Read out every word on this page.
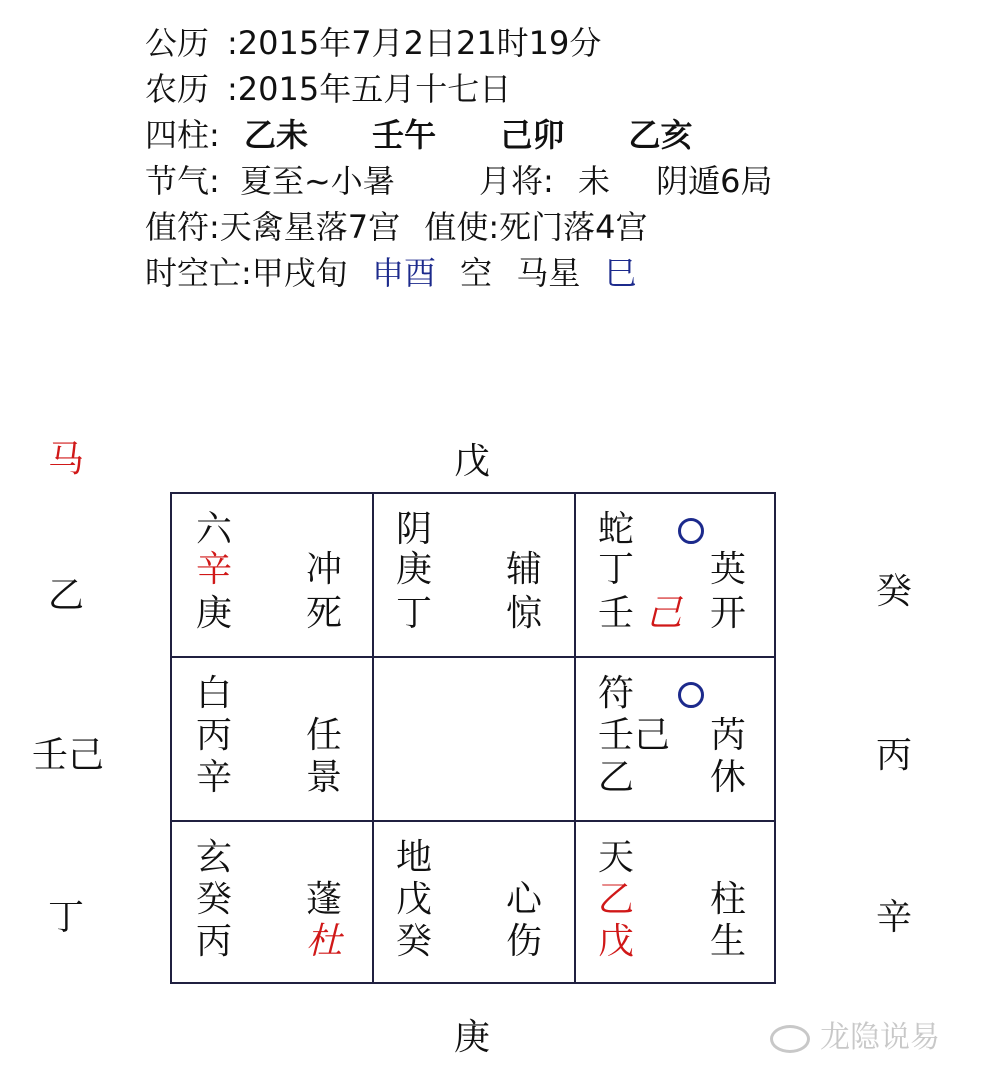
公历 :2015年7月2日21时19分
农历 :2015年五月十七日
四柱: 乙未 壬午 己卯 乙亥
节气: 夏至~小暑	月将: 未 阴遁6局
值符:天禽星落7宫 值使:死门落4宫
时空亡:甲戌旬 申酉 空 马星 巳
马	戊
庚
乙
壬己
丁
癸
丙
辛
六
辛
庚
冲
死
阴
庚
丁
辅
惊
蛇
丁
壬 己
英
开
白
丙
辛
任
景
符
壬己
乙
芮
休
玄
癸
丙
蓬
杜
地
戊
癸
心
伤
天
乙
戊
柱
生
龙隐说易
